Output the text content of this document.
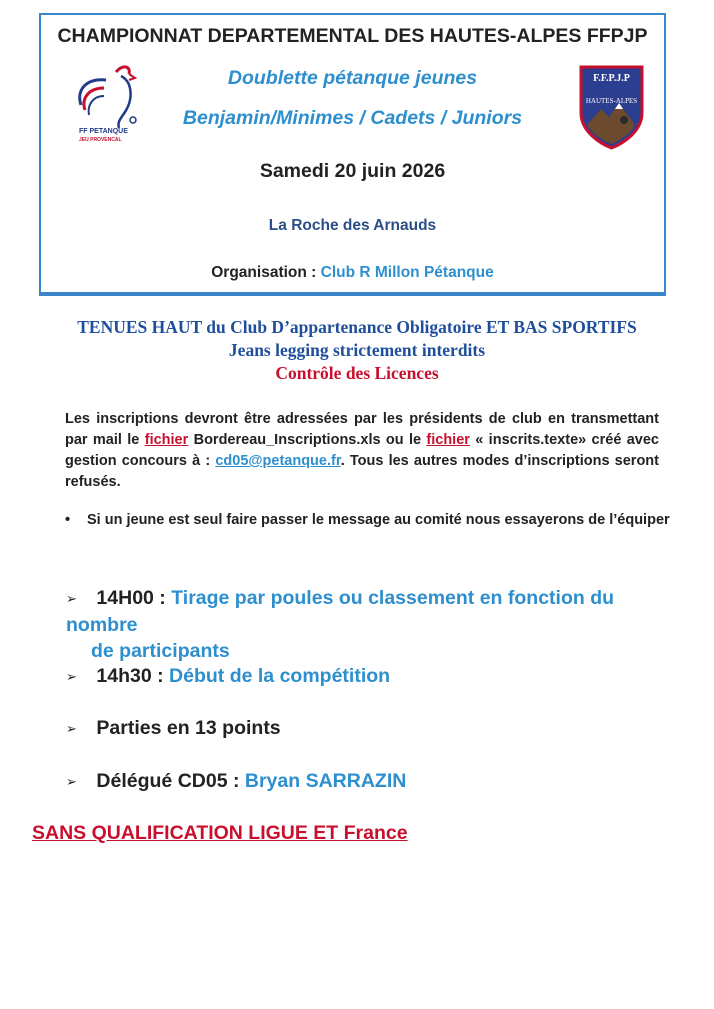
CHAMPIONNAT DEPARTEMENTAL DES HAUTES-ALPES FFPJP
Doublette pétanque jeunes
Benjamin/Minimes / Cadets / Juniors
Samedi 20 juin 2026
La Roche des Arnauds
Organisation : Club R Millon Pétanque
FF PETANQUE
JEU PROVENCAL
F.F.P.J.P
HAUTES-ALPES
TENUES HAUT du Club D’appartenance Obligatoire ET BAS SPORTIFS
Jeans legging strictement interdits
Contrôle des Licences
Les inscriptions devront être adressées par les présidents de club en transmettant par mail le fichier Bordereau_Inscriptions.xls ou le fichier « inscrits.texte» créé avec gestion concours à : cd05@petanque.fr. Tous les autres modes d’inscriptions seront refusés.
• Si un jeune est seul faire passer le message au comité nous essayerons de l’équiper
➢ 14H00 : Tirage par poules ou classement en fonction du nombre
de participants
➢ 14h30 : Début de la compétition
➢ Parties en 13 points
➢ Délégué CD05 : Bryan SARRAZIN
SANS QUALIFICATION LIGUE ET France
